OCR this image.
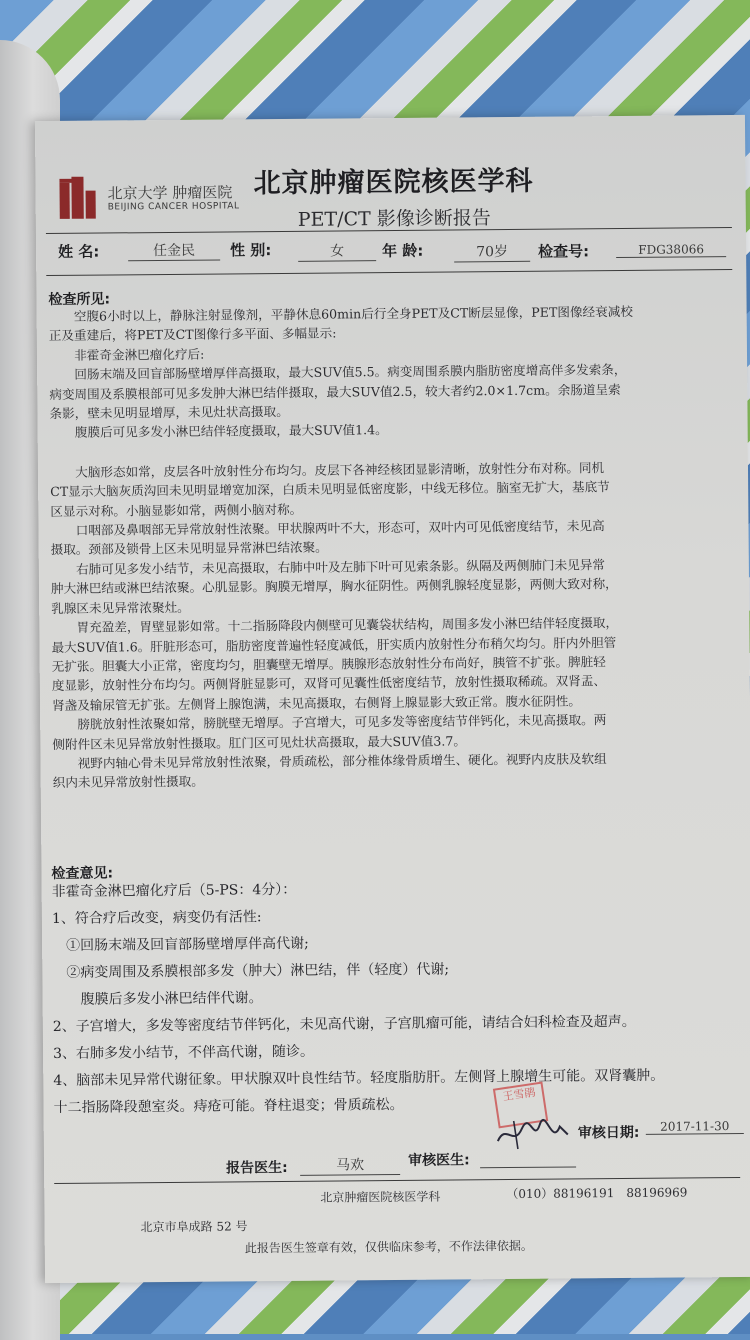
北京大学 肿瘤医院
BEIJING CANCER HOSPITAL
北京肿瘤医院核医学科
PET/CT 影像诊断报告
姓 名:	任金民	性 别:	女	年 龄:	70岁	检查号:	FDG38066
检查所见:
　　空腹6小时以上，静脉注射显像剂，平静休息60min后行全身PET及CT断层显像，PET图像经衰减校
正及重建后，将PET及CT图像行多平面、多幅显示:
　　非霍奇金淋巴瘤化疗后:
　　回肠末端及回盲部肠壁增厚伴高摄取，最大SUV值5.5。病变周围系膜内脂肪密度增高伴多发索条，
病变周围及系膜根部可见多发肿大淋巴结伴摄取，最大SUV值2.5，较大者约2.0×1.7cm。余肠道呈索
条影，壁未见明显增厚，未见灶状高摄取。
　　腹膜后可见多发小淋巴结伴轻度摄取，最大SUV值1.4。
　　大脑形态如常，皮层各叶放射性分布均匀。皮层下各神经核团显影清晰，放射性分布对称。同机
CT显示大脑灰质沟回未见明显增宽加深，白质未见明显低密度影，中线无移位。脑室无扩大，基底节
区显示对称。小脑显影如常，两侧小脑对称。
　　口咽部及鼻咽部无异常放射性浓聚。甲状腺两叶不大，形态可，双叶内可见低密度结节，未见高
摄取。颈部及锁骨上区未见明显异常淋巴结浓聚。
　　右肺可见多发小结节，未见高摄取，右肺中叶及左肺下叶可见索条影。纵隔及两侧肺门未见异常
肿大淋巴结或淋巴结浓聚。心肌显影。胸膜无增厚，胸水征阴性。两侧乳腺轻度显影，两侧大致对称，
乳腺区未见异常浓聚灶。
　　胃充盈差，胃壁显影如常。十二指肠降段内侧壁可见囊袋状结构，周围多发小淋巴结伴轻度摄取，
最大SUV值1.6。肝脏形态可，脂肪密度普遍性轻度减低，肝实质内放射性分布稍欠均匀。肝内外胆管
无扩张。胆囊大小正常，密度均匀，胆囊壁无增厚。胰腺形态放射性分布尚好，胰管不扩张。脾脏轻
度显影，放射性分布均匀。两侧肾脏显影可，双肾可见囊性低密度结节，放射性摄取稀疏。双肾盂、
肾盏及输尿管无扩张。左侧肾上腺饱满，未见高摄取，右侧肾上腺显影大致正常。腹水征阴性。
　　膀胱放射性浓聚如常，膀胱壁无增厚。子宫增大，可见多发等密度结节伴钙化，未见高摄取。两
侧附件区未见异常放射性摄取。肛门区可见灶状高摄取，最大SUV值3.7。
　　视野内轴心骨未见异常放射性浓聚，骨质疏松，部分椎体缘骨质增生、硬化。视野内皮肤及软组
织内未见异常放射性摄取。
检查意见:
非霍奇金淋巴瘤化疗后（5-PS：4分）：
1、符合疗后改变，病变仍有活性:
　①回肠末端及回盲部肠壁增厚伴高代谢;
　②病变周围及系膜根部多发（肿大）淋巴结，伴（轻度）代谢;
　　腹膜后多发小淋巴结伴代谢。
2、子宫增大，多发等密度结节伴钙化，未见高代谢，子宫肌瘤可能，请结合妇科检查及超声。
3、右肺多发小结节，不伴高代谢，随诊。
4、脑部未见异常代谢征象。甲状腺双叶良性结节。轻度脂肪肝。左侧肾上腺增生可能。双肾囊肿。
十二指肠降段憩室炎。痔疮可能。脊柱退变；骨质疏松。
王雪鹃
审核日期:	2017-11-30
报告医生:	马欢	审核医生:
北京肿瘤医院核医学科	（010）88196191　88196969
北京市阜成路 52 号
此报告医生签章有效，仅供临床参考，不作法律依据。
